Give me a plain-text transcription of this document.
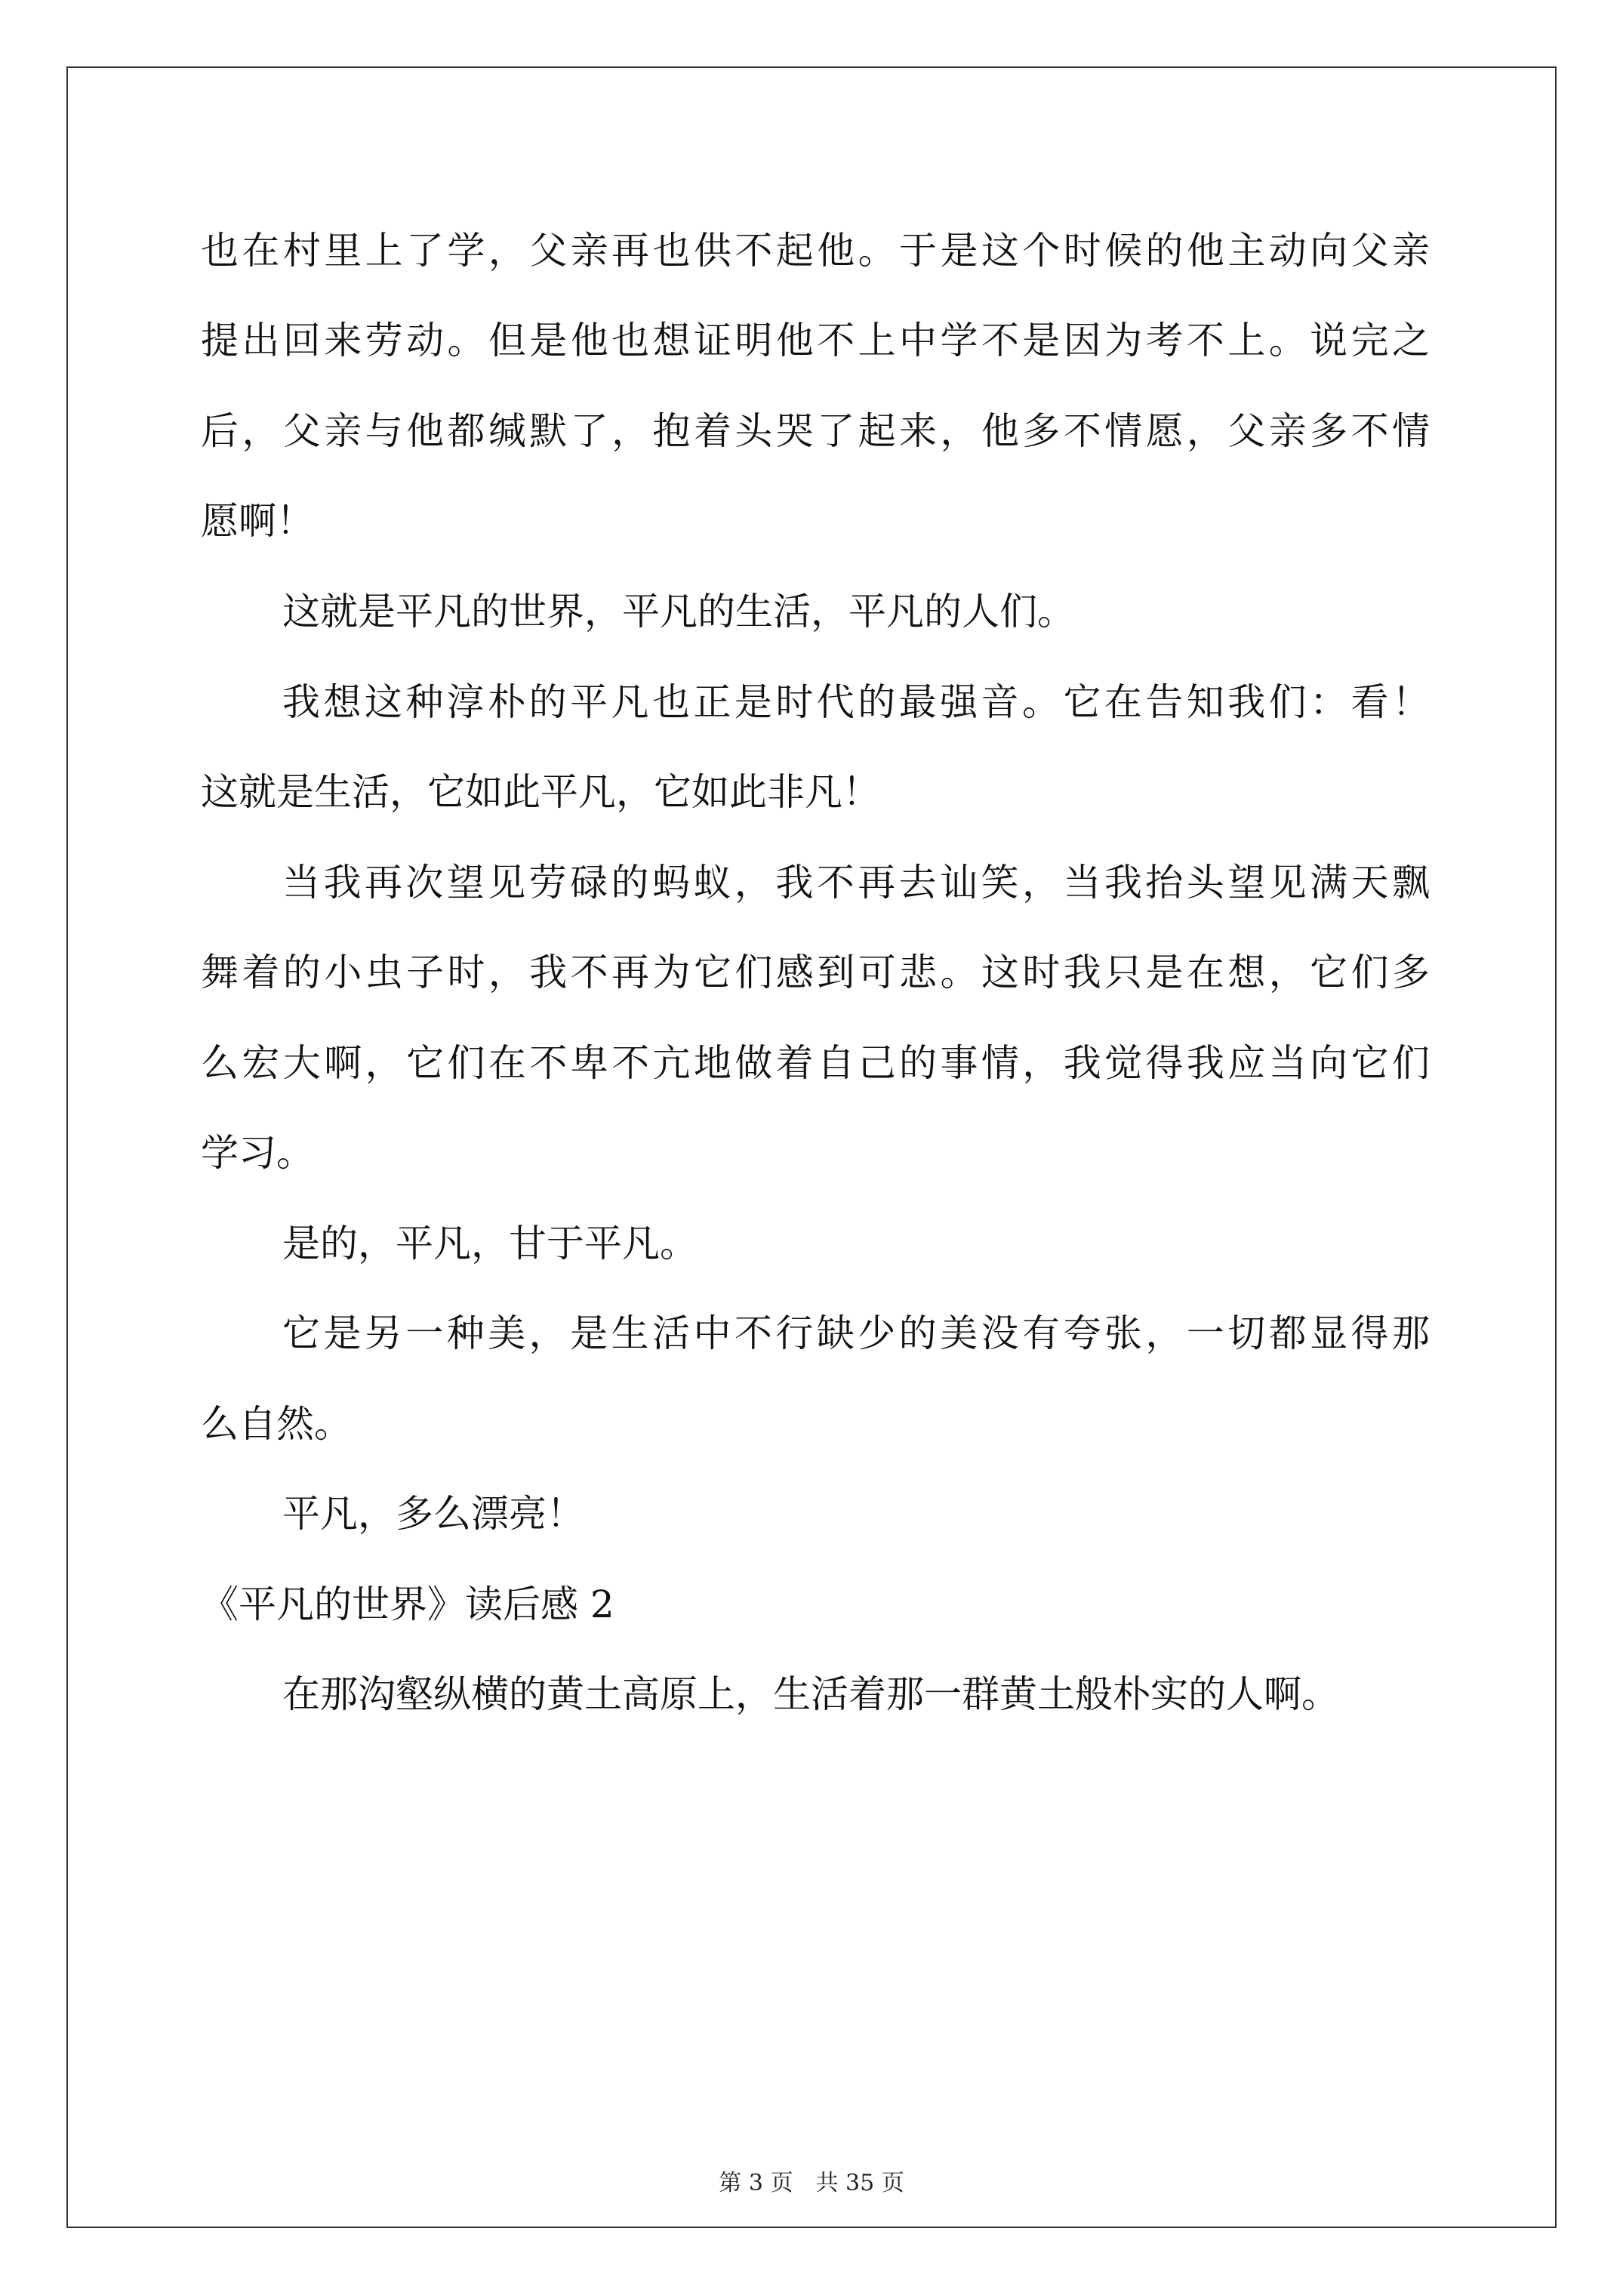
也在村里上了学，父亲再也供不起他。于是这个时候的他主动向父亲
提出回来劳动。但是他也想证明他不上中学不是因为考不上。说完之
后，父亲与他都缄默了，抱着头哭了起来，他多不情愿，父亲多不情
愿啊！
这就是平凡的世界，平凡的生活，平凡的人们。
我想这种淳朴的平凡也正是时代的最强音。它在告知我们：看！
这就是生活，它如此平凡，它如此非凡！
当我再次望见劳碌的蚂蚁，我不再去讪笑，当我抬头望见满天飘
舞着的小虫子时，我不再为它们感到可悲。这时我只是在想，它们多
么宏大啊，它们在不卑不亢地做着自己的事情，我觉得我应当向它们
学习。
是的，平凡，甘于平凡。
它是另一种美，是生活中不行缺少的美没有夸张，一切都显得那
么自然。
平凡，多么漂亮！
《平凡的世界》读后感 2
在那沟壑纵横的黄土高原上，生活着那一群黄土般朴实的人啊。
第 3 页　共 35 页
